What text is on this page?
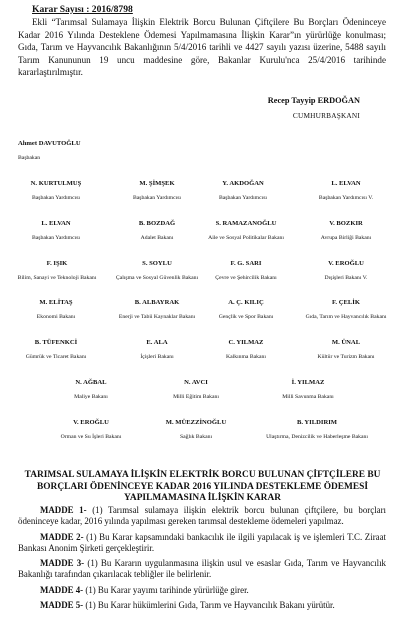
Karar Sayısı : 2016/8798
Ekli “Tarımsal Sulamaya İlişkin Elektrik Borcu Bulunan Çiftçilere Bu Borçları Ödeninceye Kadar 2016 Yılında Desteklene Ödemesi Yapılmamasına İlişkin Karar”ın yürürlüğe konulması; Gıda, Tarım ve Hayvancılık Bakanlığının 5/4/2016 tarihli ve 4427 sayılı yazısı üzerine, 5488 sayılı Tarım Kanununun 19 uncu maddesine göre, Bakanlar Kurulu'nca 25/4/2016 tarihinde kararlaştırılmıştır.
Recep Tayyip ERDOĞAN
CUMHURBAŞKANI
Ahmet DAVUTOĞLU
Başbakan
N. KURTULMUŞ
Başbakan Yardımcısı
M. ŞİMŞEK
Başbakan Yardımcısı
Y. AKDOĞAN
Başbakan Yardımcısı
L. ELVAN
Başbakan Yardımcısı V.
L. ELVAN
Başbakan Yardımcısı
B. BOZDAĞ
Adalet Bakanı
S. RAMAZANOĞLU
Aile ve Sosyal Politikalar Bakanı
V. BOZKIR
Avrupa Birliği Bakanı
F. IŞIK
Bilim, Sanayi ve Teknoloji Bakanı
S. SOYLU
Çalışma ve Sosyal Güvenlik Bakanı
F. G. SARI
Çevre ve Şehircilik Bakanı
V. EROĞLU
Dışişleri Bakanı V.
M. ELİTAŞ
Ekonomi Bakanı
B. ALBAYRAK
Enerji ve Tabii Kaynaklar Bakanı
A. Ç. KILIÇ
Gençlik ve Spor Bakanı
F. ÇELİK
Gıda, Tarım ve Hayvancılık Bakanı
B. TÜFENKCİ
Gümrük ve Ticaret Bakanı
E. ALA
İçişleri Bakanı
C. YILMAZ
Kalkınma Bakanı
M. ÜNAL
Kültür ve Turizm Bakanı
N. AĞBAL
Maliye Bakanı
N. AVCI
Milli Eğitim Bakanı
İ. YILMAZ
Milli Savunma Bakanı
V. EROĞLU
Orman ve Su İşleri Bakanı
M. MÜEZZİNOĞLU
Sağlık Bakanı
B. YILDIRIM
Ulaştırma, Denizcilik ve Haberleşme Bakanı
TARIMSAL SULAMAYA İLİŞKİN ELEKTRİK BORCU BULUNAN ÇİFTÇİLERE BU BORÇLARI ÖDENİNCEYE KADAR 2016 YILINDA DESTEKLEME ÖDEMESİ YAPILMAMASINA İLİŞKİN KARAR

MADDE 1- (1) Tarımsal sulamaya ilişkin elektrik borcu bulunan çiftçilere, bu borçları ödeninceye kadar, 2016 yılında yapılması gereken tarımsal destekleme ödemeleri yapılmaz.

MADDE 2- (1) Bu Karar kapsamındaki bankacılık ile ilgili yapılacak iş ve işlemleri T.C. Ziraat Bankası Anonim Şirketi gerçekleştirir.

MADDE 3- (1) Bu Kararın uygulanmasına ilişkin usul ve esaslar Gıda, Tarım ve Hayvancılık Bakanlığı tarafından çıkarılacak tebliğler ile belirlenir.

MADDE 4- (1) Bu Karar yayımı tarihinde yürürlüğe girer.

MADDE 5- (1) Bu Karar hükümlerini Gıda, Tarım ve Hayvancılık Bakanı yürütür.
